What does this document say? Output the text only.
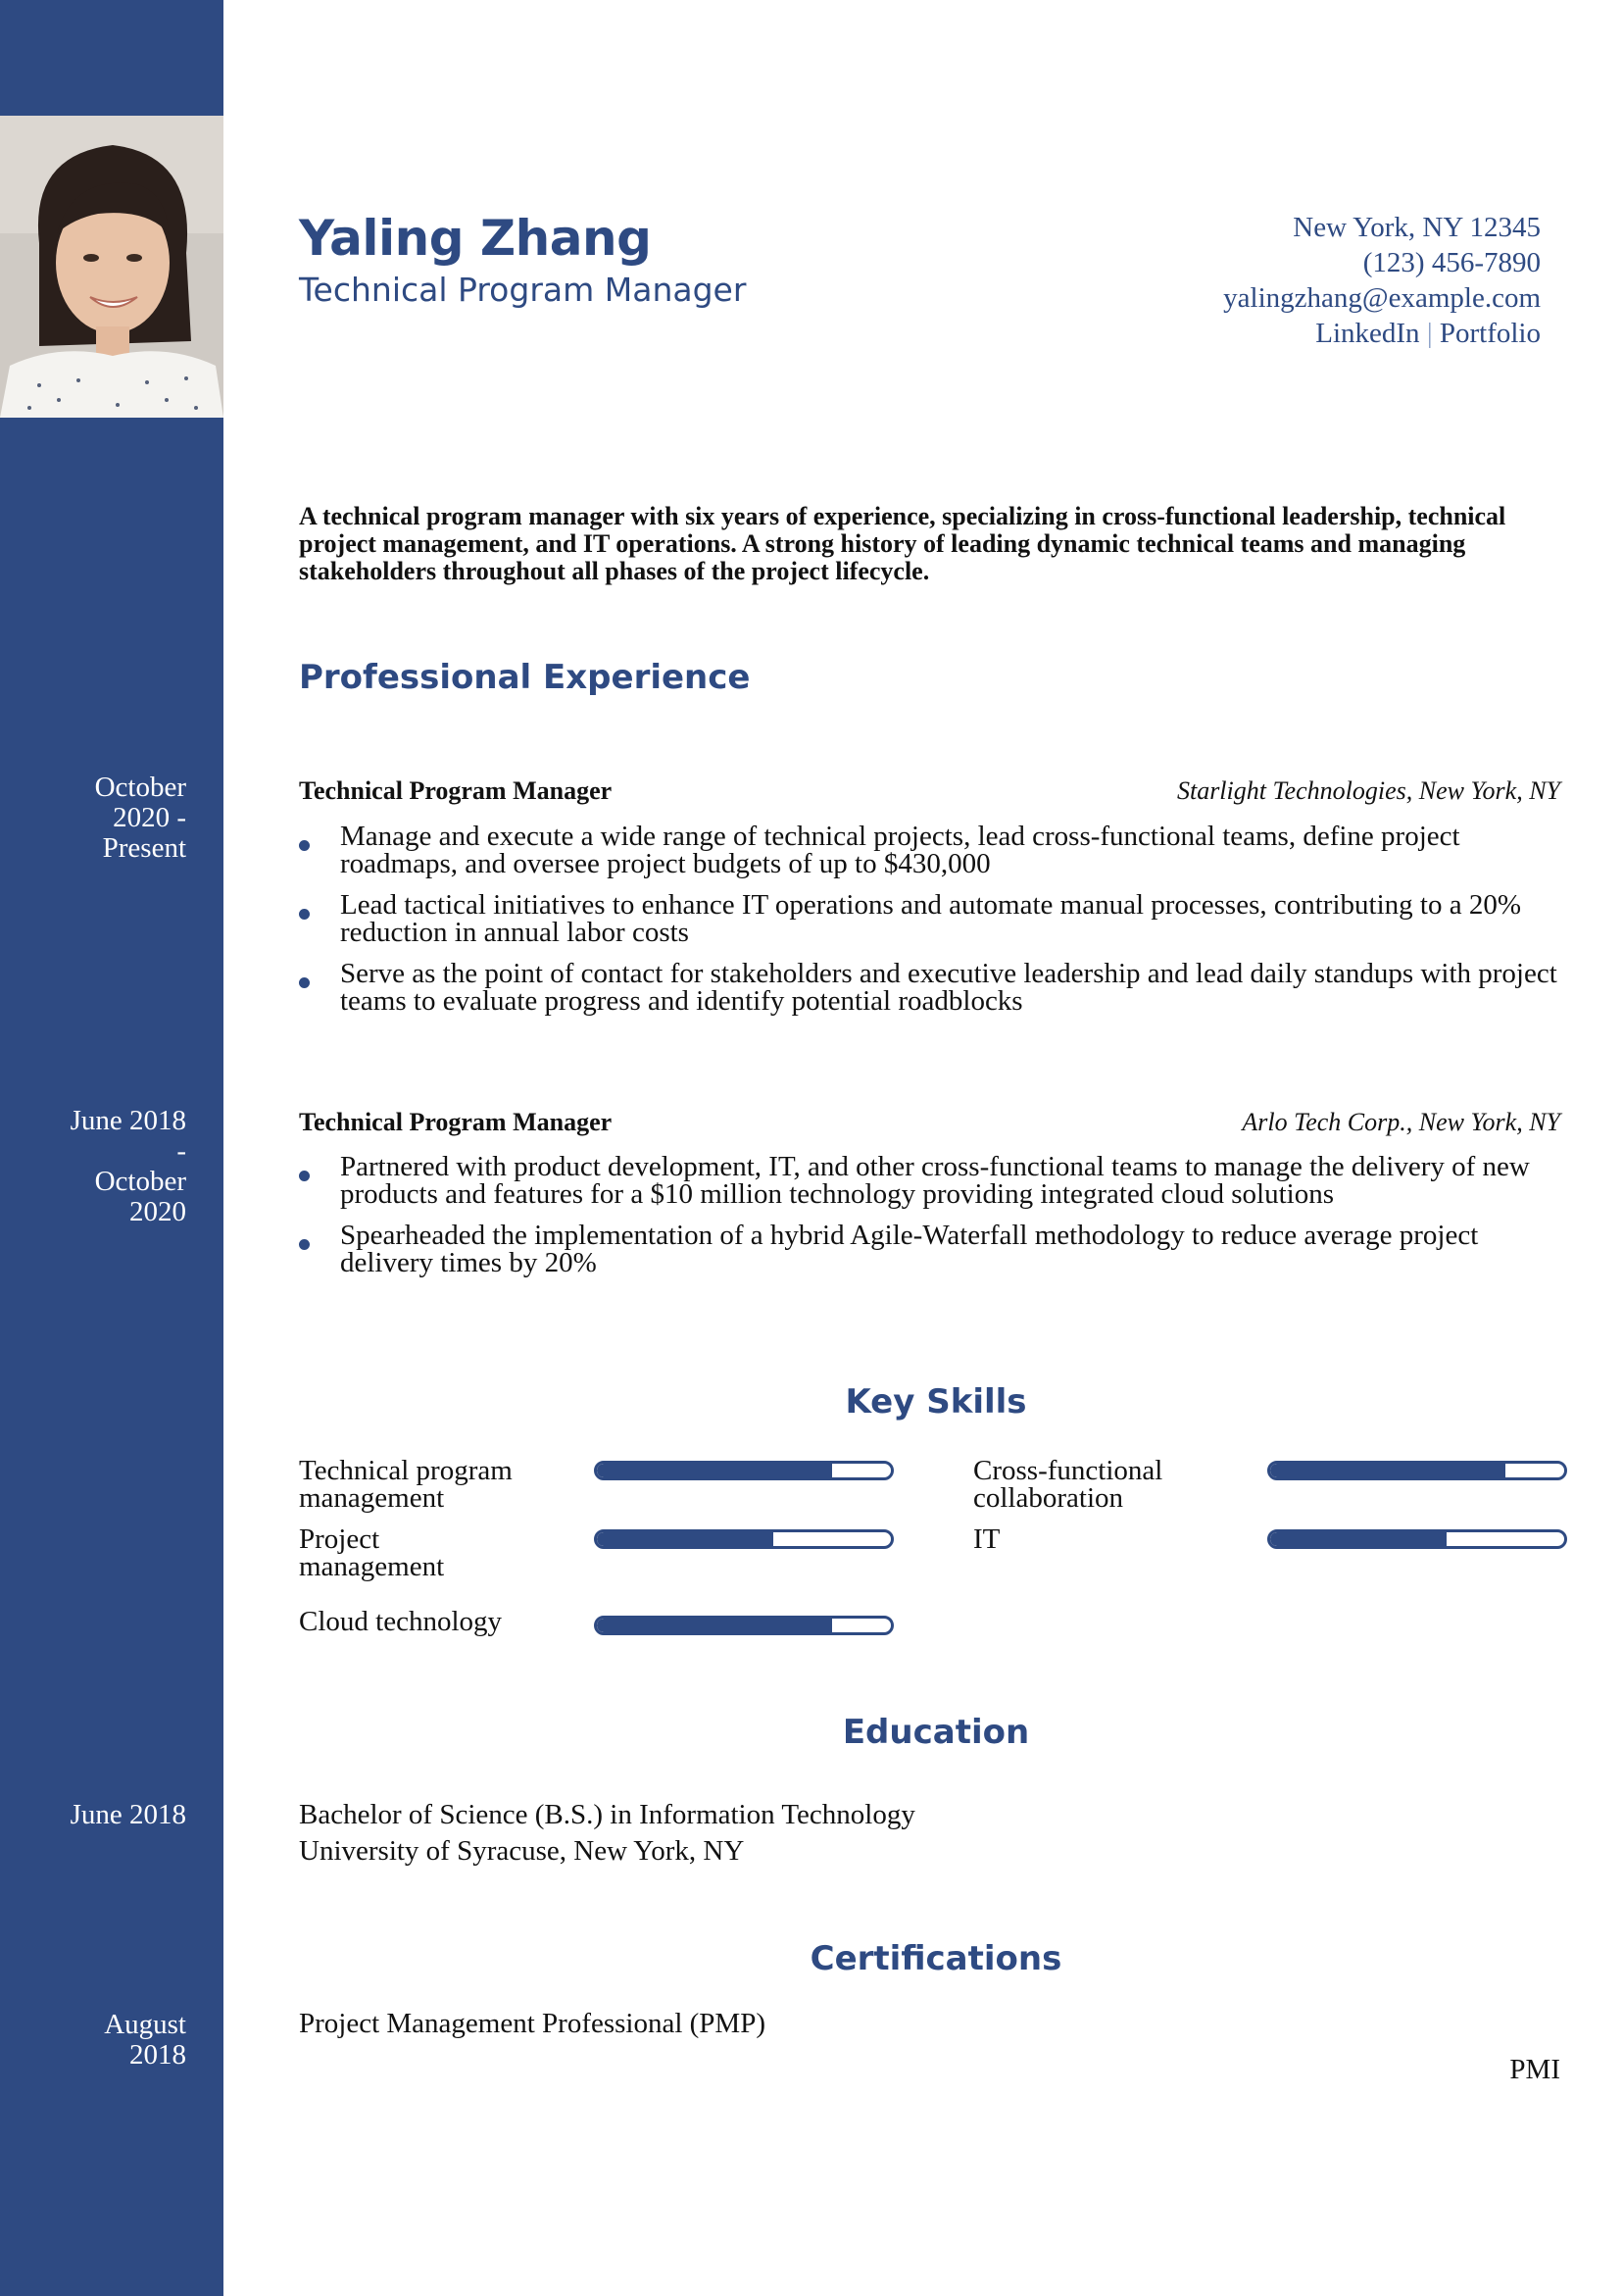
Yaling Zhang
Technical Program Manager
New York, NY 12345
(123) 456-7890
yalingzhang@example.com
LinkedIn | Portfolio
A technical program manager with six years of experience, specializing in cross-functional leadership, technical project management, and IT operations. A strong history of leading dynamic technical teams and managing stakeholders throughout all phases of the project lifecycle.
Professional Experience
October
2020 -
Present
Technical Program Manager	Starlight Technologies, New York, NY
Manage and execute a wide range of technical projects, lead cross-functional teams, define project roadmaps, and oversee project budgets of up to $430,000
Lead tactical initiatives to enhance IT operations and automate manual processes, contributing to a 20% reduction in annual labor costs
Serve as the point of contact for stakeholders and executive leadership and lead daily standups with project teams to evaluate progress and identify potential roadblocks
June 2018
-
October
2020
Technical Program Manager	Arlo Tech Corp., New York, NY
Partnered with product development, IT, and other cross-functional teams to manage the delivery of new products and features for a $10 million technology providing integrated cloud solutions
Spearheaded the implementation of a hybrid Agile-Waterfall methodology to reduce average project delivery times by 20%
Key Skills
Technical program management
Cross-functional collaboration
Project management
IT
Cloud technology
Education
June 2018	Bachelor of Science (B.S.) in Information Technology
University of Syracuse, New York, NY
Certifications
August
2018
Project Management Professional (PMP)
PMI
